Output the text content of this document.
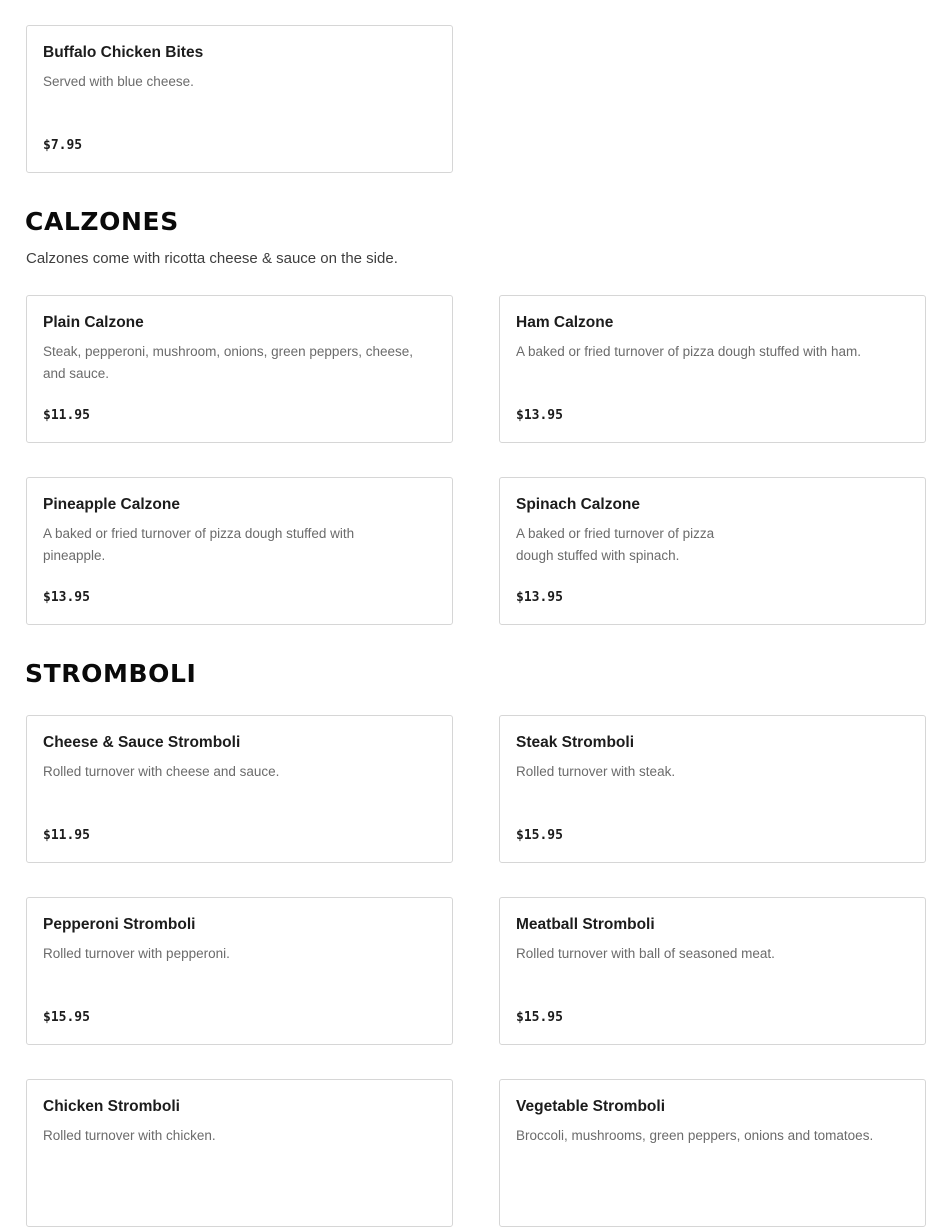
Buffalo Chicken Bites
Served with blue cheese.
$7.95
CALZONES

Calzones come with ricotta cheese & sauce on the side.

Plain Calzone
Steak, pepperoni, mushroom, onions, green peppers, cheese, and sauce.
$11.95
Ham Calzone
A baked or fried turnover of pizza dough stuffed with ham.
$13.95
Pineapple Calzone
A baked or fried turnover of pizza dough stuffed with pineapple.
$13.95
Spinach Calzone
A baked or fried turnover of pizza dough stuffed with spinach.
$13.95
STROMBOLI
Cheese & Sauce Stromboli
Rolled turnover with cheese and sauce.
$11.95
Steak Stromboli
Rolled turnover with steak.
$15.95
Pepperoni Stromboli
Rolled turnover with pepperoni.
$15.95
Meatball Stromboli
Rolled turnover with ball of seasoned meat.
$15.95
Chicken Stromboli
Rolled turnover with chicken.
Vegetable Stromboli
Broccoli, mushrooms, green peppers, onions and tomatoes.
